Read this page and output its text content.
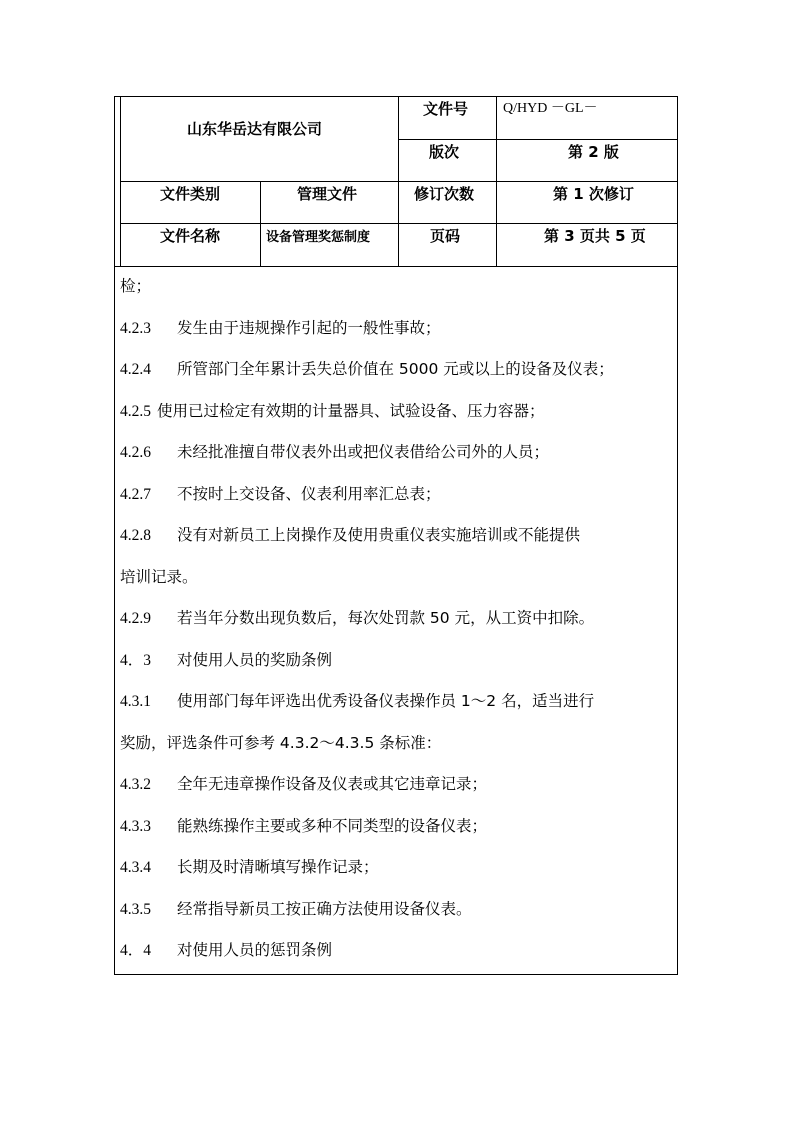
山东华岳达有限公司
文件号 Q/HYD －GL－
版次	第 2 版
文件类别	管理文件	修订次数	第 1 次修订
文件名称	设备管理奖惩制度	页码	第 3 页共 5 页
检；
4.2.3 发生由于违规操作引起的一般性事故；
4.2.4 所管部门全年累计丢失总价值在 5000 元或以上的设备及仪表；
4.2.5 使用已过检定有效期的计量器具、试验设备、压力容器；
4.2.6 未经批准擅自带仪表外出或把仪表借给公司外的人员；
4.2.7 不按时上交设备、仪表利用率汇总表；
4.2.8 没有对新员工上岗操作及使用贵重仪表实施培训或不能提供
培训记录。
4.2.9 若当年分数出现负数后，每次处罚款 50 元，从工资中扣除。
4．3 对使用人员的奖励条例
4.3.1 使用部门每年评选出优秀设备仪表操作员 1～2 名，适当进行
奖励，评选条件可参考 4.3.2～4.3.5 条标准：
4.3.2 全年无违章操作设备及仪表或其它违章记录；
4.3.3 能熟练操作主要或多种不同类型的设备仪表；
4.3.4 长期及时清晰填写操作记录；
4.3.5 经常指导新员工按正确方法使用设备仪表。
4．4 对使用人员的惩罚条例
